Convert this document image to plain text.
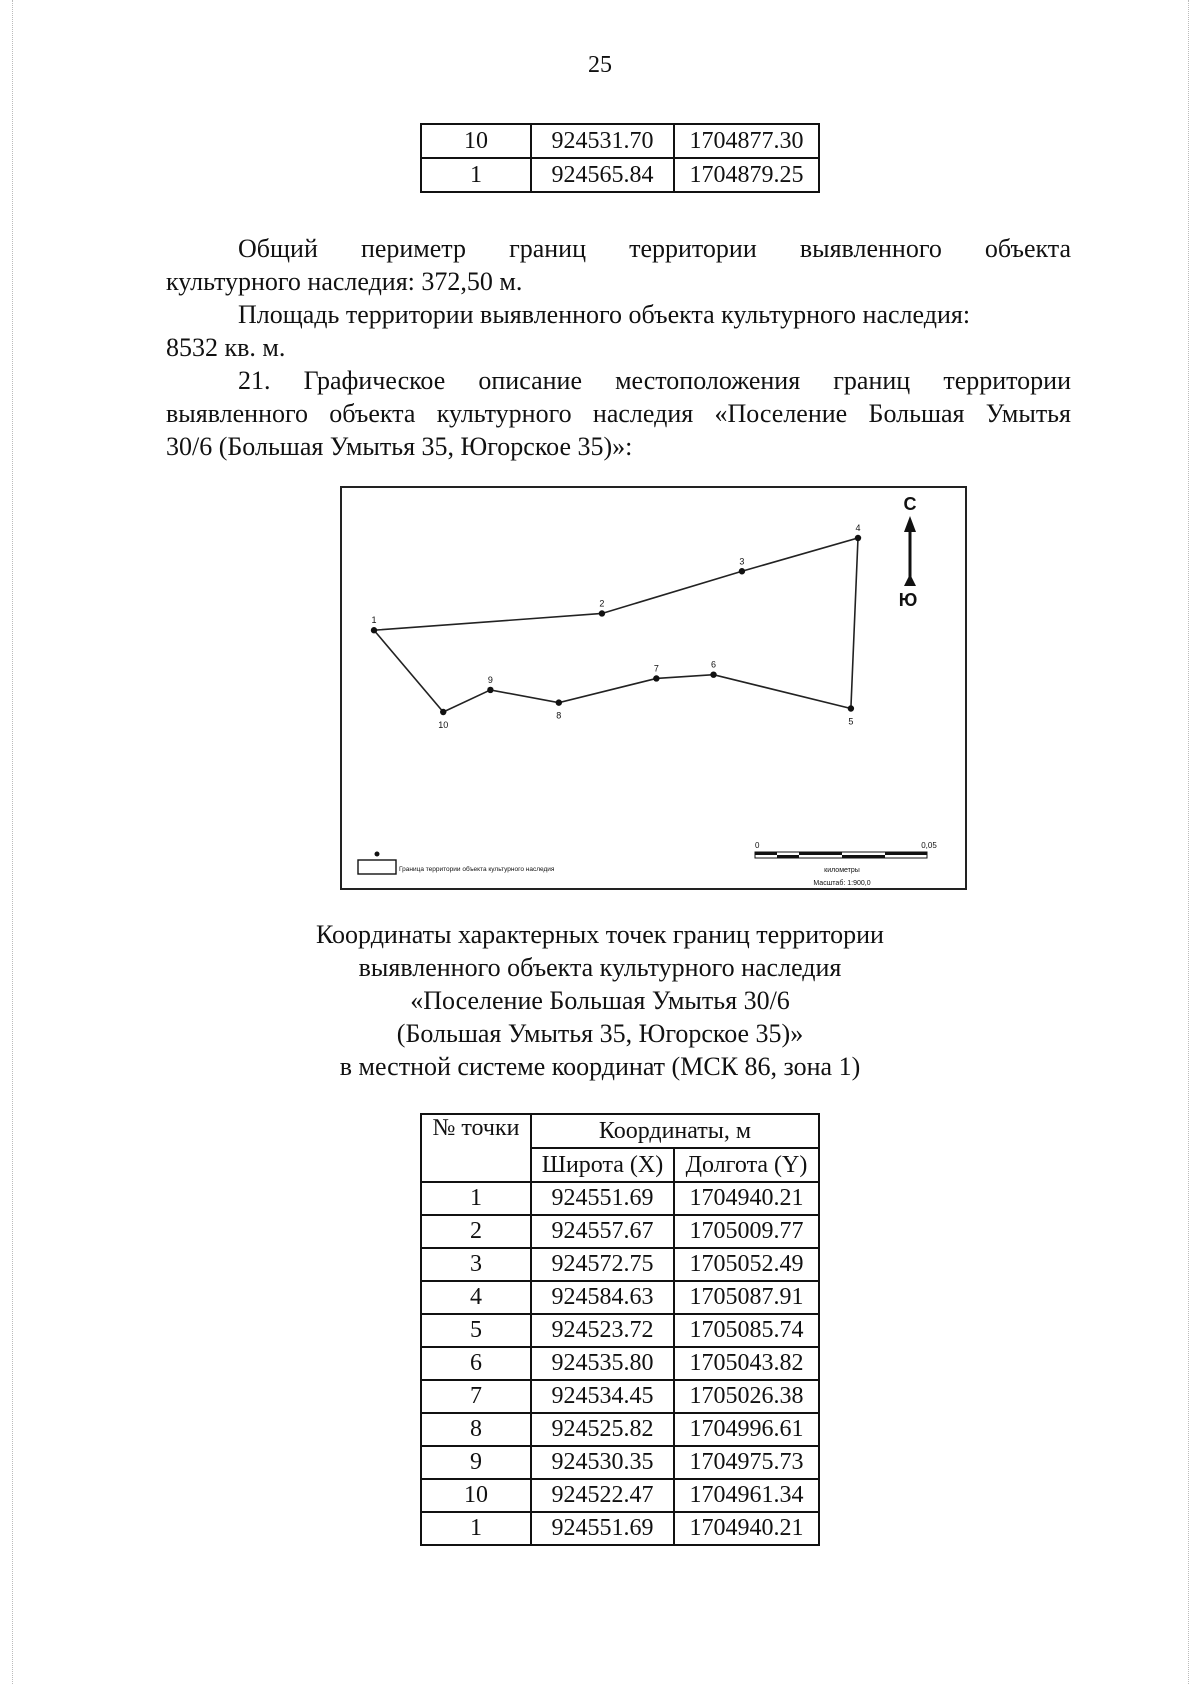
25
10	924531.70	1704877.30
1	924565.84	1704879.25
Общий периметр границ территории выявленного объекта
культурного наследия: 372,50 м.
Площадь территории выявленного объекта культурного наследия:
8532 кв. м.
21. Графическое описание местоположения границ территории
выявленного объекта культурного наследия «Поселение Большая Умытья
30/6 (Большая Умытья 35, Югорское 35)»:
1
2
3
4
5
6
7
8
9
10
С
Ю
Граница территории объекта культурного наследия
0	0,05
километры
Масштаб: 1:900,0
Координаты характерных точек границ территории
выявленного объекта культурного наследия
«Поселение Большая Умытья 30/6
(Большая Умытья 35, Югорское 35)»
в местной системе координат (МСК 86, зона 1)
№ точки	Координаты, м	
	Широта (X)	Долгота (Y)
1	924551.69	1704940.21
2	924557.67	1705009.77
3	924572.75	1705052.49
4	924584.63	1705087.91
5	924523.72	1705085.74
6	924535.80	1705043.82
7	924534.45	1705026.38
8	924525.82	1704996.61
9	924530.35	1704975.73
10	924522.47	1704961.34
1	924551.69	1704940.21
